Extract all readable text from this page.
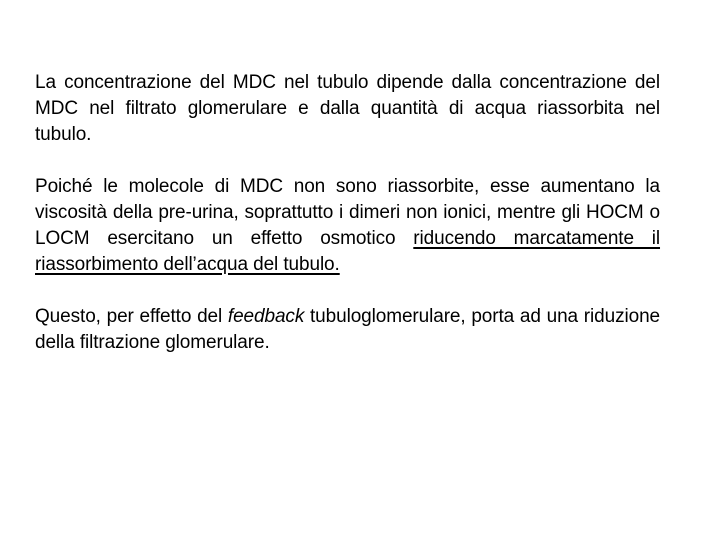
La concentrazione del MDC nel tubulo dipende dalla concentrazione del MDC nel filtrato glomerulare e dalla quantità di acqua riassorbita nel tubulo.

Poiché le molecole di MDC non sono riassorbite, esse aumentano la viscosità della pre-urina, soprattutto i dimeri non ionici, mentre gli HOCM o LOCM esercitano un effetto osmotico riducendo marcatamente il riassorbimento dell’acqua del tubulo.

Questo, per effetto del feedback tubuloglomerulare, porta ad una riduzione della filtrazione glomerulare.
